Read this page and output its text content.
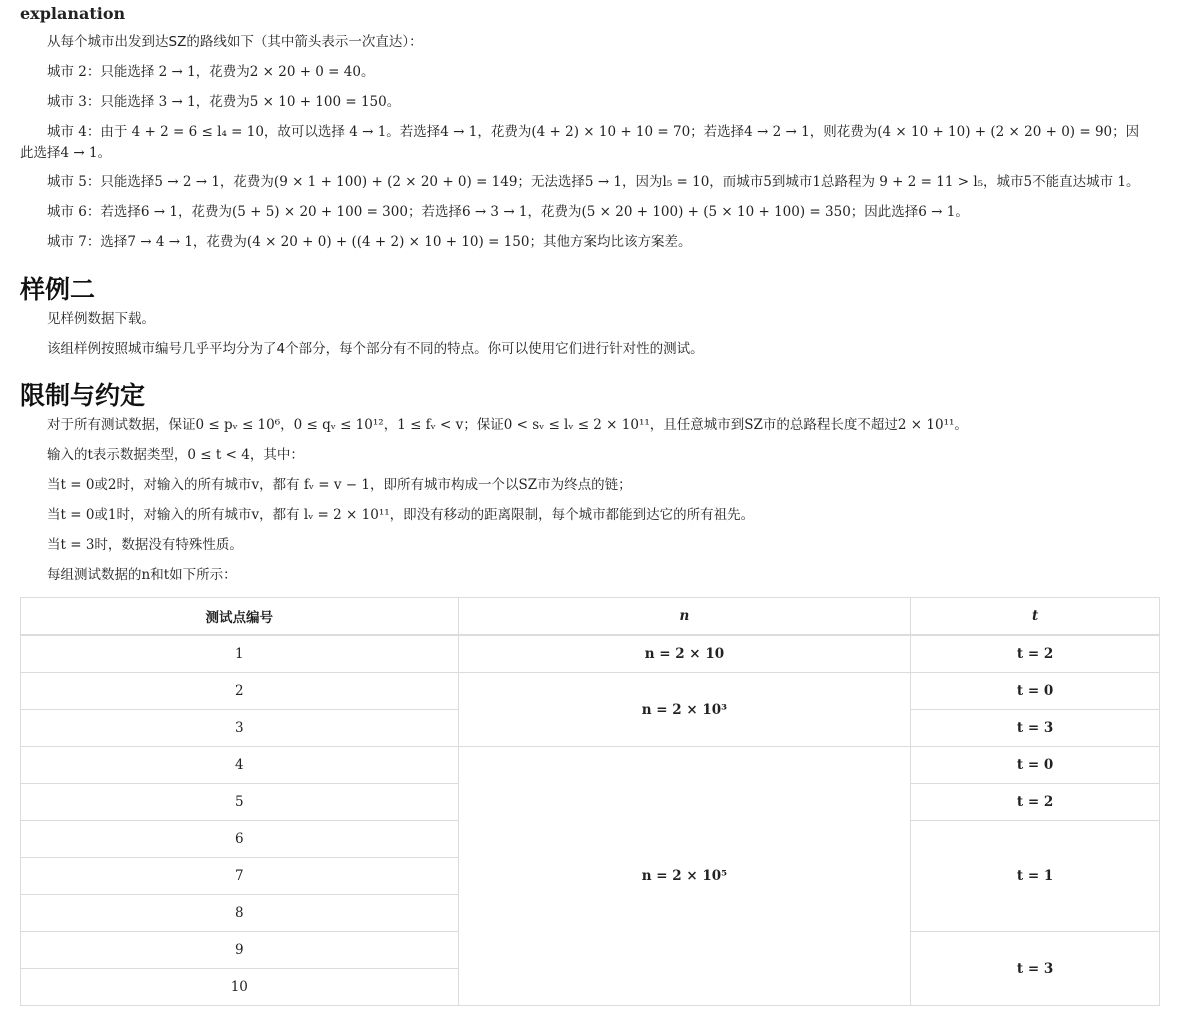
explanation

从每个城市出发到达SZ的路线如下（其中箭头表示一次直达）：

城市 2：只能选择 2 → 1，花费为2 × 20 + 0 = 40。

城市 3：只能选择 3 → 1，花费为5 × 10 + 100 = 150。

城市 4：由于 4 + 2 = 6 ≤ l₄ = 10，故可以选择 4 → 1。若选择4 → 1，花费为(4 + 2) × 10 + 10 = 70；若选择4 → 2 → 1，则花费为(4 × 10 + 10) + (2 × 20 + 0) = 90；因此选择4 → 1。

城市 5：只能选择5 → 2 → 1，花费为(9 × 1 + 100) + (2 × 20 + 0) = 149；无法选择5 → 1，因为l₅ = 10，而城市5到城市1总路程为 9 + 2 = 11 > l₅，城市5不能直达城市 1。

城市 6：若选择6 → 1，花费为(5 + 5) × 20 + 100 = 300；若选择6 → 3 → 1，花费为(5 × 20 + 100) + (5 × 10 + 100) = 350；因此选择6 → 1。

城市 7：选择7 → 4 → 1，花费为(4 × 20 + 0) + ((4 + 2) × 10 + 10) = 150；其他方案均比该方案差。

样例二

见样例数据下载。

该组样例按照城市编号几乎平均分为了4个部分，每个部分有不同的特点。你可以使用它们进行针对性的测试。

限制与约定

对于所有测试数据，保证0 ≤ pᵥ ≤ 10⁶，0 ≤ qᵥ ≤ 10¹²，1 ≤ fᵥ < v；保证0 < sᵥ ≤ lᵥ ≤ 2 × 10¹¹，且任意城市到SZ市的总路程长度不超过2 × 10¹¹。

输入的t表示数据类型，0 ≤ t < 4，其中：

当t = 0或2时，对输入的所有城市v，都有 fᵥ = v − 1，即所有城市构成一个以SZ市为终点的链；

当t = 0或1时，对输入的所有城市v，都有 lᵥ = 2 × 10¹¹，即没有移动的距离限制，每个城市都能到达它的所有祖先。

当t = 3时，数据没有特殊性质。

每组测试数据的n和t如下所示：

测试点编号	n	t
1	n = 2 × 10	t = 2
2	n = 2 × 10³	t = 0
3		t = 3
4	n = 2 × 10⁵	t = 0
5		t = 2
6		t = 1
7		
8		
9		t = 3
10		
